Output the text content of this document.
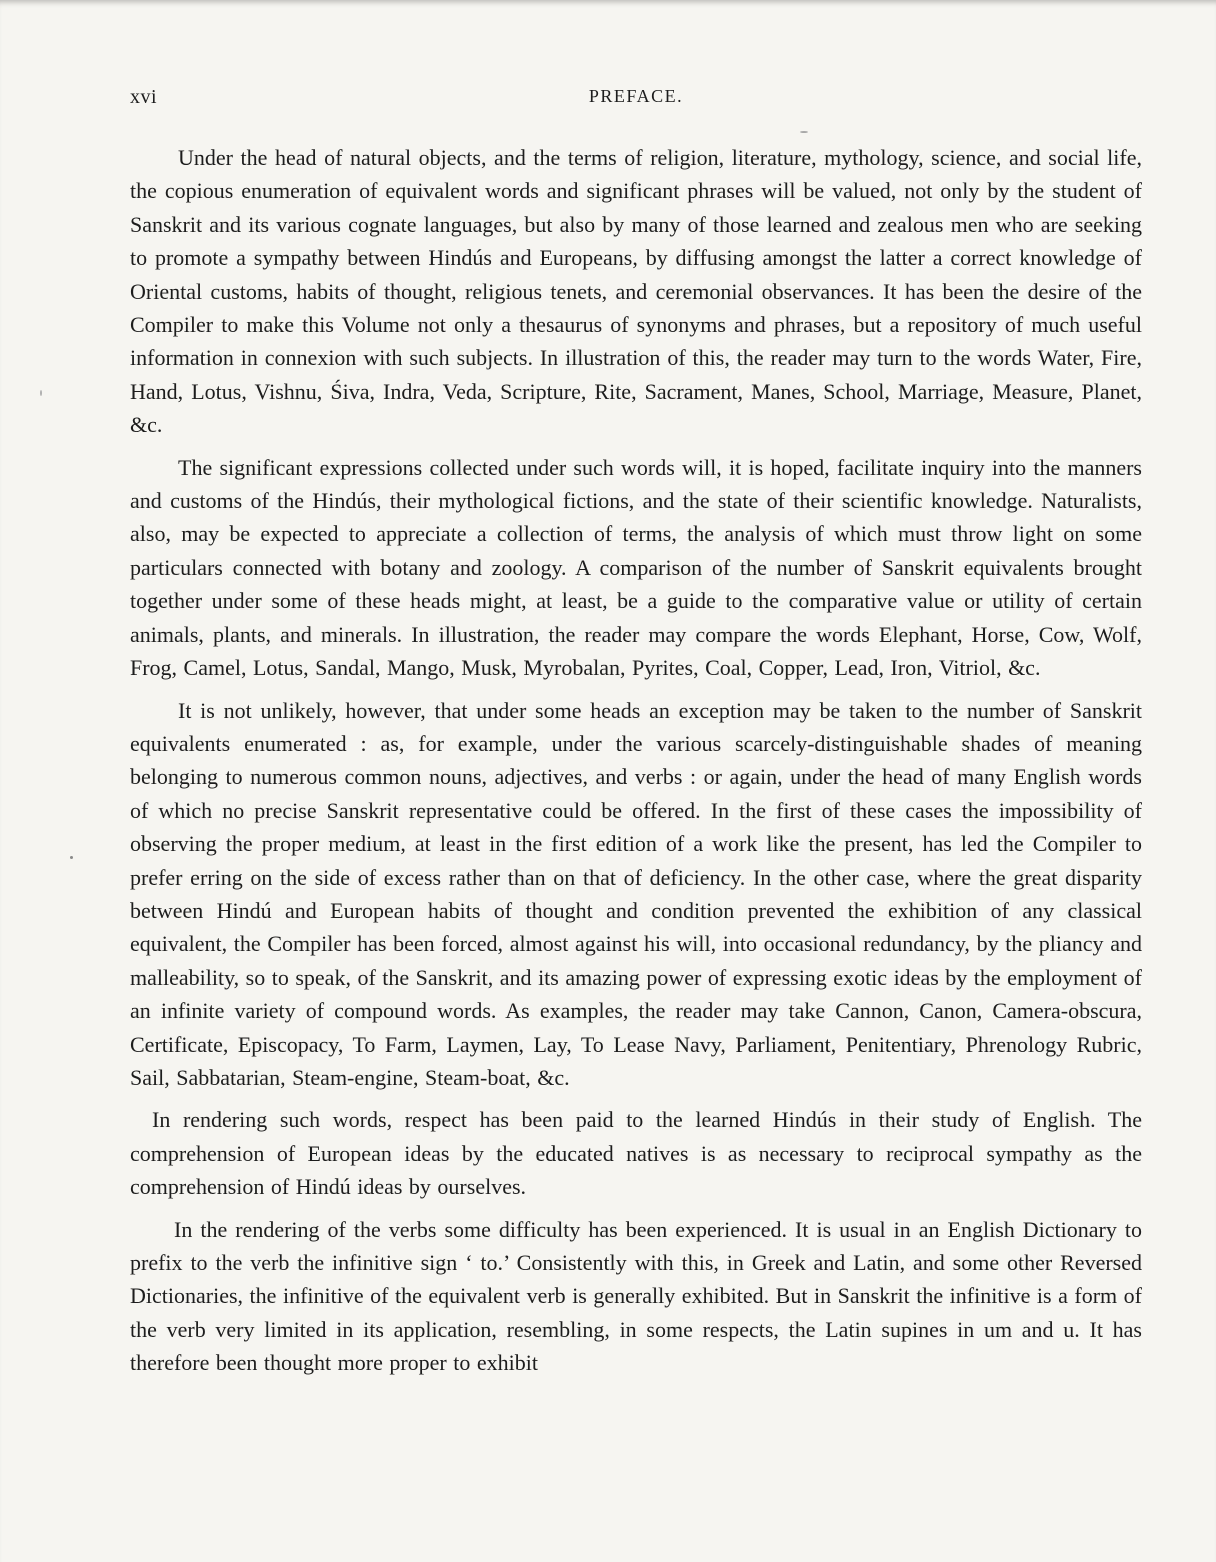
xvi	PREFACE.

Under the head of natural objects, and the terms of religion, literature, mythology, science, and social life, the copious enumeration of equivalent words and significant phrases will be valued, not only by the student of Sanskrit and its various cognate languages, but also by many of those learned and zealous men who are seeking to promote a sympathy between Hindús and Europeans, by diffusing amongst the latter a correct knowledge of Oriental customs, habits of thought, religious tenets, and ceremonial observances. It has been the desire of the Compiler to make this Volume not only a thesaurus of synonyms and phrases, but a repository of much useful information in connexion with such subjects. In illustration of this, the reader may turn to the words Water, Fire, Hand, Lotus, Vishnu, Śiva, Indra, Veda, Scripture, Rite, Sacrament, Manes, School, Marriage, Measure, Planet, &c.

The significant expressions collected under such words will, it is hoped, facilitate inquiry into the manners and customs of the Hindús, their mythological fictions, and the state of their scientific knowledge. Naturalists, also, may be expected to appreciate a collection of terms, the analysis of which must throw light on some particulars connected with botany and zoology. A comparison of the number of Sanskrit equivalents brought together under some of these heads might, at least, be a guide to the comparative value or utility of certain animals, plants, and minerals. In illustration, the reader may compare the words Elephant, Horse, Cow, Wolf, Frog, Camel, Lotus, Sandal, Mango, Musk, Myrobalan, Pyrites, Coal, Copper, Lead, Iron, Vitriol, &c.

It is not unlikely, however, that under some heads an exception may be taken to the number of Sanskrit equivalents enumerated : as, for example, under the various scarcely-distinguishable shades of meaning belonging to numerous common nouns, adjectives, and verbs : or again, under the head of many English words of which no precise Sanskrit representative could be offered. In the first of these cases the impossibility of observing the proper medium, at least in the first edition of a work like the present, has led the Compiler to prefer erring on the side of excess rather than on that of deficiency. In the other case, where the great disparity between Hindú and European habits of thought and condition prevented the exhibition of any classical equivalent, the Compiler has been forced, almost against his will, into occasional redundancy, by the pliancy and malleability, so to speak, of the Sanskrit, and its amazing power of expressing exotic ideas by the employment of an infinite variety of compound words. As examples, the reader may take Cannon, Canon, Camera-obscura, Certificate, Episcopacy, To Farm, Laymen, Lay, To Lease Navy, Parliament, Penitentiary, Phrenology Rubric, Sail, Sabbatarian, Steam-engine, Steam-boat, &c.

In rendering such words, respect has been paid to the learned Hindús in their study of English. The comprehension of European ideas by the educated natives is as necessary to reciprocal sympathy as the comprehension of Hindú ideas by ourselves.

In the rendering of the verbs some difficulty has been experienced. It is usual in an English Dictionary to prefix to the verb the infinitive sign ‘ to.’ Consistently with this, in Greek and Latin, and some other Reversed Dictionaries, the infinitive of the equivalent verb is generally exhibited. But in Sanskrit the infinitive is a form of the verb very limited in its application, resembling, in some respects, the Latin supines in um and u. It has therefore been thought more proper to exhibit
